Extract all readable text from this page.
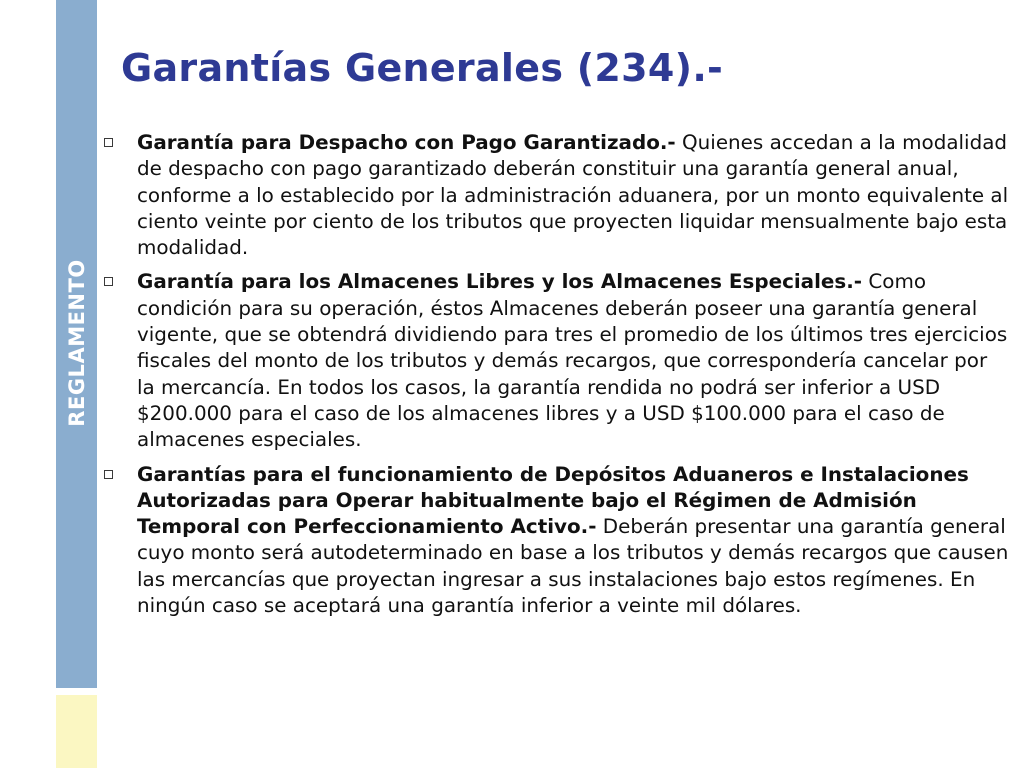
REGLAMENTO
Garantías Generales (234).-
Garantía para Despacho con Pago Garantizado.- Quienes accedan a la modalidad de despacho con pago garantizado deberán constituir una garantía general anual, conforme a lo establecido por la administración aduanera, por un monto equivalente al ciento veinte por ciento de los tributos que proyecten liquidar mensualmente bajo esta modalidad.
Garantía para los Almacenes Libres y los Almacenes Especiales.- Como condición para su operación, éstos Almacenes deberán poseer una garantía general vigente, que se obtendrá dividiendo para tres el promedio de los últimos tres ejercicios fiscales del monto de los tributos y demás recargos, que correspondería cancelar por la mercancía. En todos los casos, la garantía rendida no podrá ser inferior a USD $200.000 para el caso de los almacenes libres y a USD $100.000 para el caso de almacenes especiales.
Garantías para el funcionamiento de Depósitos Aduaneros e Instalaciones Autorizadas para Operar habitualmente bajo el Régimen de Admisión Temporal con Perfeccionamiento Activo.- Deberán presentar una garantía general cuyo monto será autodeterminado en base a los tributos y demás recargos que causen las mercancías que proyectan ingresar a sus instalaciones bajo estos regímenes. En ningún caso se aceptará una garantía inferior a veinte mil dólares.
